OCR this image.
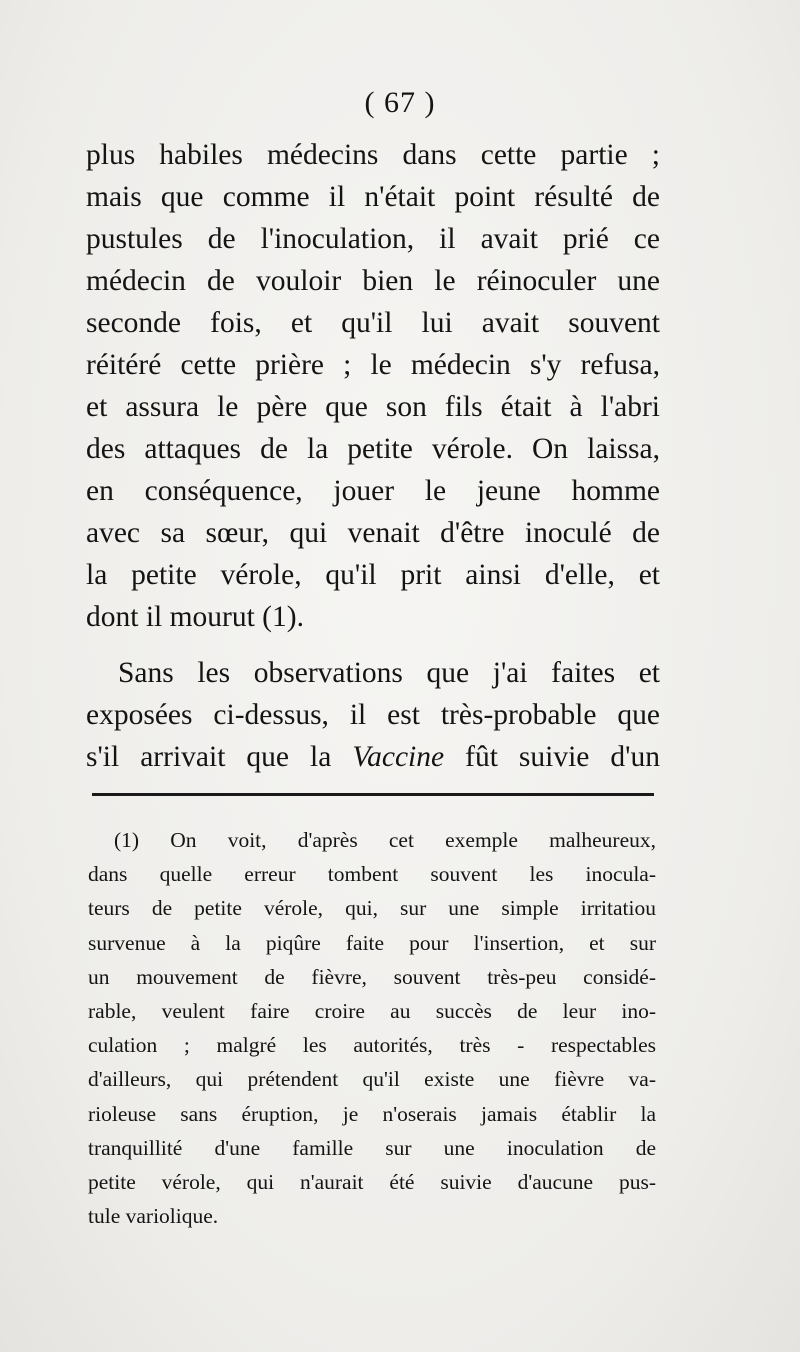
( 67 )
plus habiles médecins dans cette partie ;
mais que comme il n'était point résulté de
pustules de l'inoculation, il avait prié ce
médecin de vouloir bien le réinoculer une
seconde fois, et qu'il lui avait souvent
réitéré cette prière ; le médecin s'y refusa,
et assura le père que son fils était à l'abri
des attaques de la petite vérole. On laissa,
en conséquence, jouer le jeune homme
avec sa sœur, qui venait d'être inoculé de
la petite vérole, qu'il prit ainsi d'elle, et
dont il mourut (1).
Sans les observations que j'ai faites et
exposées ci-dessus, il est très-probable que
s'il arrivait que la Vaccine fût suivie d'un
(1) On voit, d'après cet exemple malheureux,
dans quelle erreur tombent souvent les inocula-
teurs de petite vérole, qui, sur une simple irritatiou
survenue à la piqûre faite pour l'insertion, et sur
un mouvement de fièvre, souvent très-peu considé-
rable, veulent faire croire au succès de leur ino-
culation ; malgré les autorités, très - respectables
d'ailleurs, qui prétendent qu'il existe une fièvre va-
rioleuse sans éruption, je n'oserais jamais établir la
tranquillité d'une famille sur une inoculation de
petite vérole, qui n'aurait été suivie d'aucune pus-
tule variolique.
